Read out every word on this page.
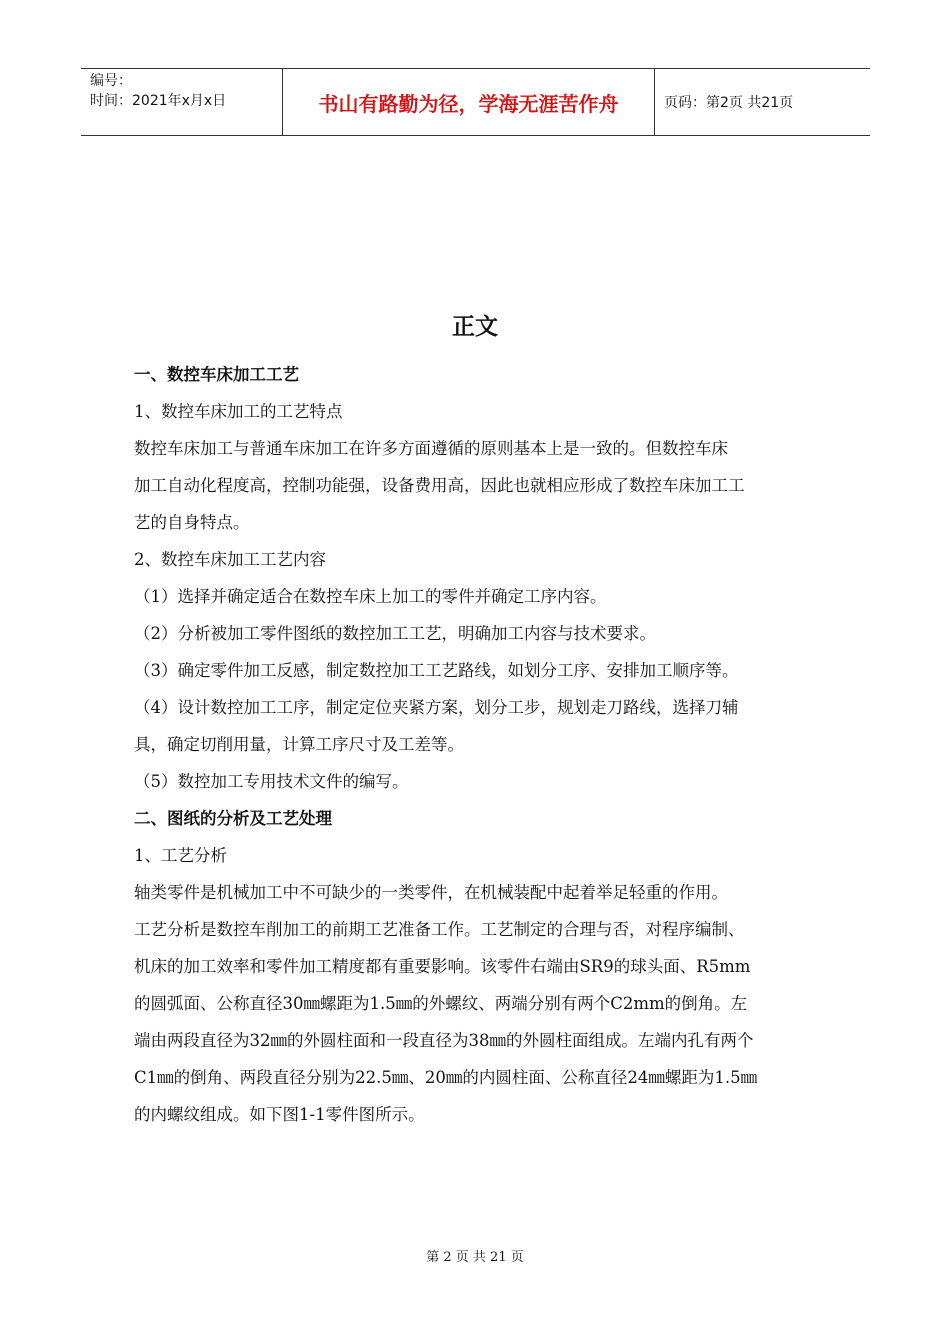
编号：
时间：2021年x月x日	书山有路勤为径，学海无涯苦作舟	页码：第2页 共21页
正文
一、数控车床加工工艺
1、数控车床加工的工艺特点
数控车床加工与普通车床加工在许多方面遵循的原则基本上是一致的。但数控车床
加工自动化程度高，控制功能强，设备费用高，因此也就相应形成了数控车床加工工
艺的自身特点。
2、数控车床加工工艺内容
（1）选择并确定适合在数控车床上加工的零件并确定工序内容。
（2）分析被加工零件图纸的数控加工工艺，明确加工内容与技术要求。
（3）确定零件加工反感，制定数控加工工艺路线，如划分工序、安排加工顺序等。
（4）设计数控加工工序，制定定位夹紧方案，划分工步，规划走刀路线，选择刀辅
具，确定切削用量，计算工序尺寸及工差等。
（5）数控加工专用技术文件的编写。
二、图纸的分析及工艺处理
1、工艺分析
轴类零件是机械加工中不可缺少的一类零件，在机械装配中起着举足轻重的作用。
工艺分析是数控车削加工的前期工艺准备工作。工艺制定的合理与否，对程序编制、
机床的加工效率和零件加工精度都有重要影响。该零件右端由SR9的球头面、R5mm
的圆弧面、公称直径30㎜螺距为1.5㎜的外螺纹、两端分别有两个C2mm的倒角。左
端由两段直径为32㎜的外圆柱面和一段直径为38㎜的外圆柱面组成。左端内孔有两个
C1㎜的倒角、两段直径分别为22.5㎜、20㎜的内圆柱面、公称直径24㎜螺距为1.5㎜
的内螺纹组成。如下图1-1零件图所示。
第 2 页 共 21 页
